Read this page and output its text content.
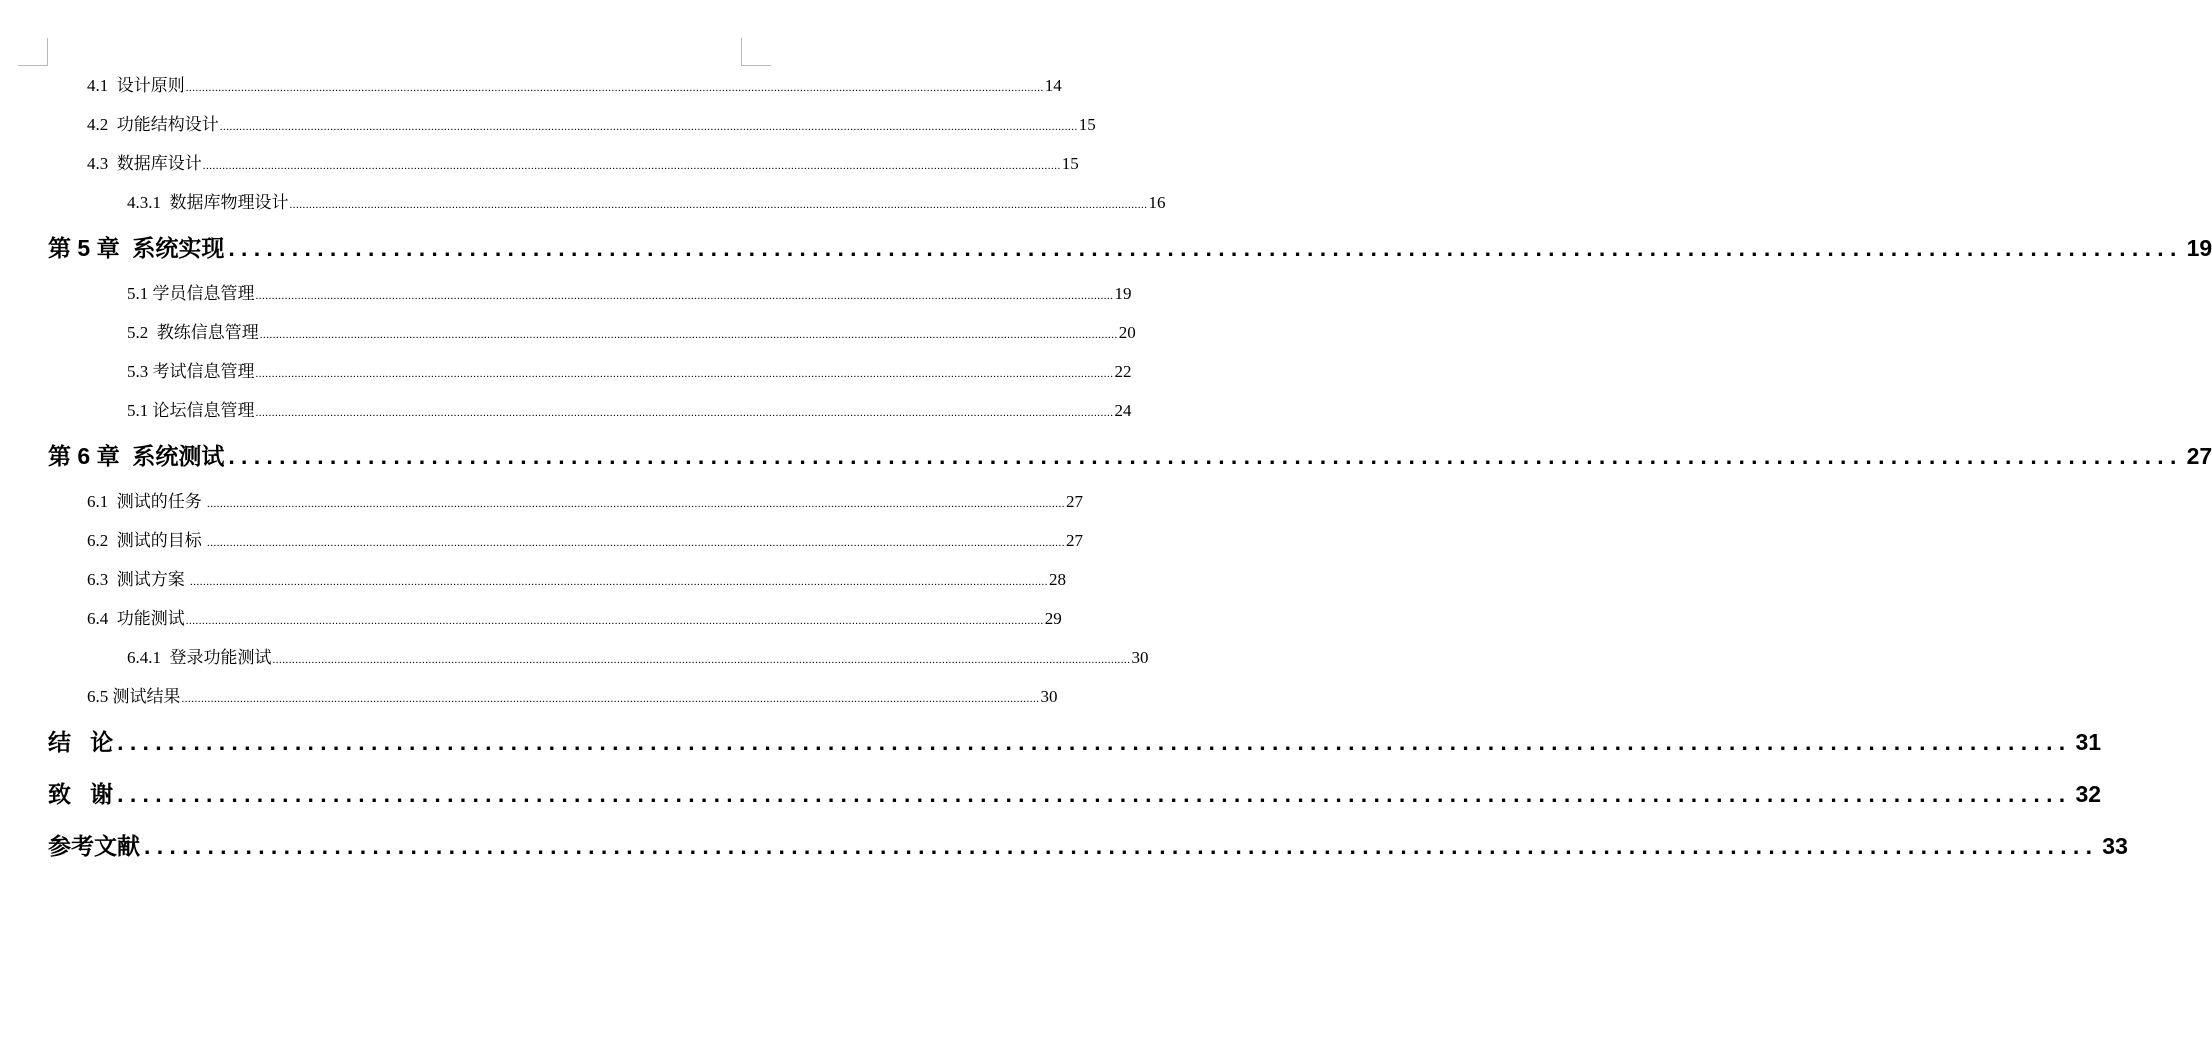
4.1  设计原则 .....	14
4.2  功能结构设计 .....	15
4.3  数据库设计 .....	15
4.3.1  数据库物理设计 .....	16
第 5 章  系统实现 .....	19
5.1 学员信息管理 .....	19
5.2  教练信息管理 .....	20
5.3 考试信息管理 .....	22
5.1 论坛信息管理 .....	24
第 6 章  系统测试 .....	27
6.1  测试的任务 .....	27
6.2  测试的目标 .....	27
6.3  测试方案 .....	28
6.4  功能测试 .....	29
6.4.1  登录功能测试 .....	30
6.5 测试结果 .....	30
结   论 .....	31
致   谢 .....	32
参考文献 .....	33
